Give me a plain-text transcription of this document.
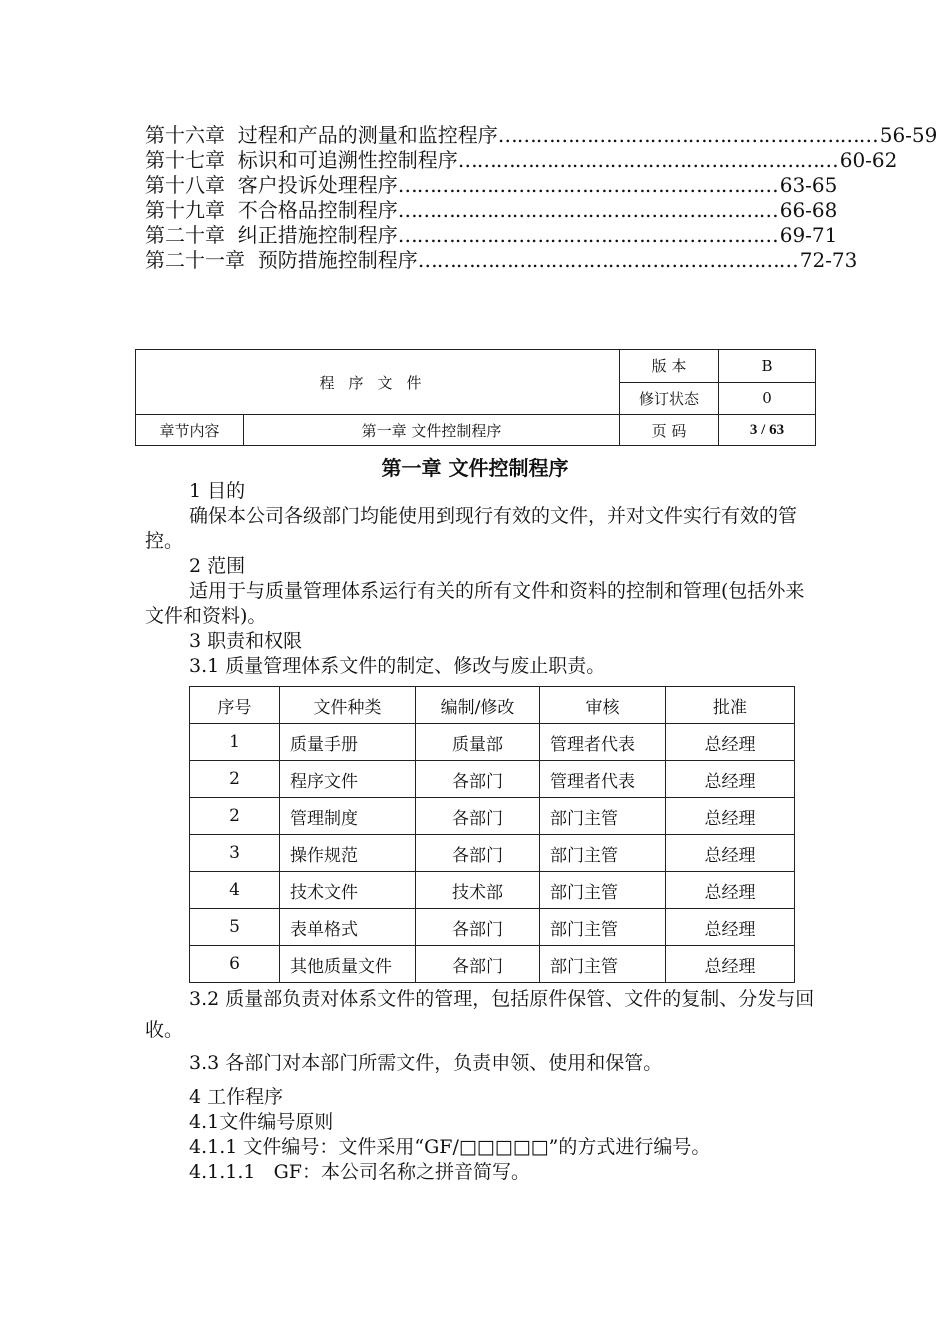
第十六章  过程和产品的测量和监控程序 …………………………………………………… 56-59
第十七章  标识和可追溯性控制程序 …………………………………………………… 60-62
第十八章  客户投诉处理程序 …………………………………………………… 63-65
第十九章  不合格品控制程序 …………………………………………………… 66-68
第二十章  纠正措施控制程序 …………………………………………………… 69-71
第二十一章  预防措施控制程序 …………………………………………………… 72-73
程序文件		版 本	B
		修订状态	0
章节内容	第一章 文件控制程序	页 码	3 / 63
第一章 文件控制程序
1 目的
确保本公司各级部门均能使用到现行有效的文件，并对文件实行有效的管控。
2 范围
适用于与质量管理体系运行有关的所有文件和资料的控制和管理(包括外来文件和资料)。
3 职责和权限
3.1 质量管理体系文件的制定、修改与废止职责。
序号	文件种类	编制/修改	审核	批准
1	质量手册	质量部	管理者代表	总经理
2	程序文件	各部门	管理者代表	总经理
2	管理制度	各部门	部门主管	总经理
3	操作规范	各部门	部门主管	总经理
4	技术文件	技术部	部门主管	总经理
5	表单格式	各部门	部门主管	总经理
6	其他质量文件	各部门	部门主管	总经理
3.2 质量部负责对体系文件的管理，包括原件保管、文件的复制、分发与回收。
3.3 各部门对本部门所需文件，负责申领、使用和保管。
4 工作程序
4.1文件编号原则
4.1.1 文件编号：文件采用“GF/□□□□□”的方式进行编号。
4.1.1.1   GF：本公司名称之拼音简写。
